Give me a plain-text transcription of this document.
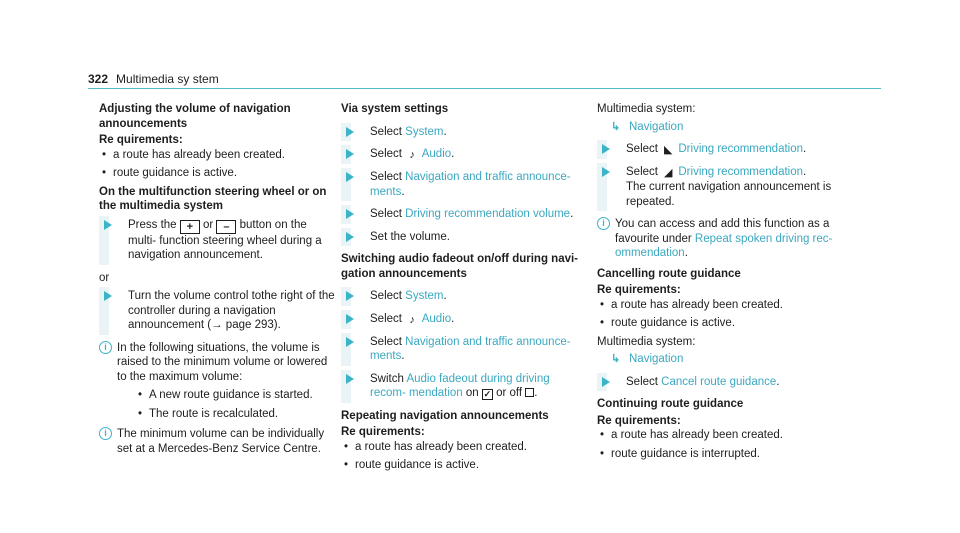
322 Multimedia sy stem
Adjusting the volume of navigation announcements
Re quirements:
• a route has already been created.
• route guidance is active.
On the multifunction steering wheel or on the multimedia system
Press the + or – button on the multi- function steering wheel during a navigation announcement.
or
Turn the volume control tothe right of the controller during a navigation announcement (→ page 293).
i In the following situations, the volume is raised to the minimum volume or lowered to the maximum volume:
• A new route guidance is started.
• The route is recalculated.
i The minimum volume can be individually set at a Mercedes-Benz Service Centre.
Via system settings
Select System.
Select ♪ Audio.
Select Navigation and traffic announce- ments.
Select Driving recommendation volume.
Set the volume.
Switching audio fadeout on/off during navi- gation announcements
Select System.
Select ♪ Audio.
Select Navigation and traffic announce- ments.
Switch Audio fadeout during driving recom- mendation on ✓ or off .
Repeating navigation announcements
Re quirements:
• a route has already been created.
• route guidance is active.
Multimedia system:
↳ Navigation
Select ◣ Driving recommendation.
Select ◢ Driving recommendation.
The current navigation announcement is repeated.
i You can access and add this function as a favourite under Repeat spoken driving rec- ommendation.
Cancelling route guidance
Re quirements:
• a route has already been created.
• route guidance is active.
Multimedia system:
↳ Navigation
Select Cancel route guidance.
Continuing route guidance
Re quirements:
• a route has already been created.
• route guidance is interrupted.
